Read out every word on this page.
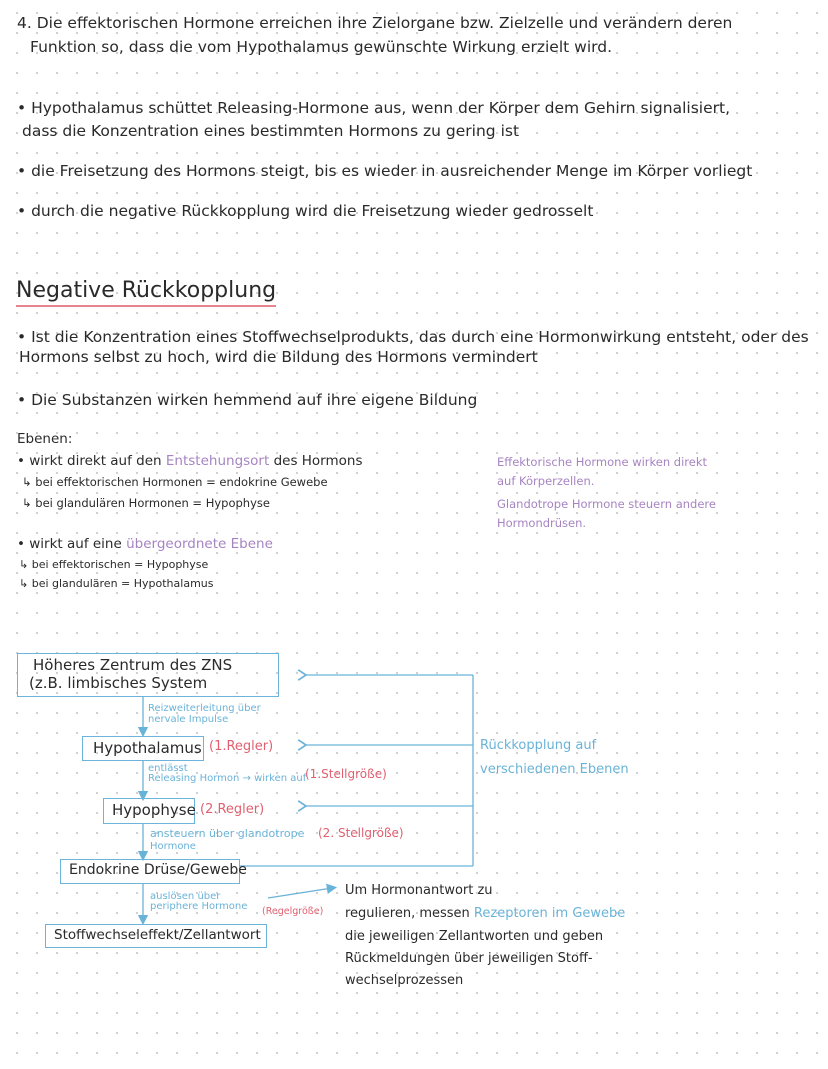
4. Die effektorischen Hormone erreichen ihre Zielorgane bzw. Zielzelle und verändern deren
Funktion so, dass die vom Hypothalamus gewünschte Wirkung erzielt wird.
• Hypothalamus schüttet Releasing-Hormone aus, wenn der Körper dem Gehirn signalisiert,
dass die Konzentration eines bestimmten Hormons zu gering ist
• die Freisetzung des Hormons steigt, bis es wieder in ausreichender Menge im Körper vorliegt
• durch die negative Rückkopplung wird die Freisetzung wieder gedrosselt
Negative Rückkopplung
• Ist die Konzentration eines Stoffwechselprodukts, das durch eine Hormonwirkung entsteht, oder des
Hormons selbst zu hoch, wird die Bildung des Hormons vermindert
• Die Substanzen wirken hemmend auf ihre eigene Bildung
Ebenen:
• wirkt direkt auf den Entstehungsort des Hormons
↳ bei effektorischen Hormonen = endokrine Gewebe
↳ bei glandulären Hormonen = Hypophyse
• wirkt auf eine übergeordnete Ebene
↳ bei effektorischen = Hypophyse
↳ bei glandulären = Hypothalamus
Effektorische Hormone wirken direkt
auf Körperzellen.
Glandotrope Hormone steuern andere
Hormondrüsen.
Höheres Zentrum des ZNS
(z.B. limbisches System
Reizweiterleitung über
nervale Impulse
Hypothalamus (1.Regler)
entlässt
Releasing Hormon → wirken auf
(1.Stellgröße)
Hypophyse (2.Regler)
ansteuern über glandotrope
Hormone
(2. Stellgröße)
Endokrine Drüse/Gewebe
auslösen über
periphere Hormone (Regelgröße)
Stoffwechseleffekt/Zellantwort
Rückkopplung auf
verschiedenen Ebenen
Um Hormonantwort zu
regulieren, messen Rezeptoren im Gewebe
die jeweiligen Zellantworten und geben
Rückmeldungen über jeweiligen Stoff-
wechselprozessen
